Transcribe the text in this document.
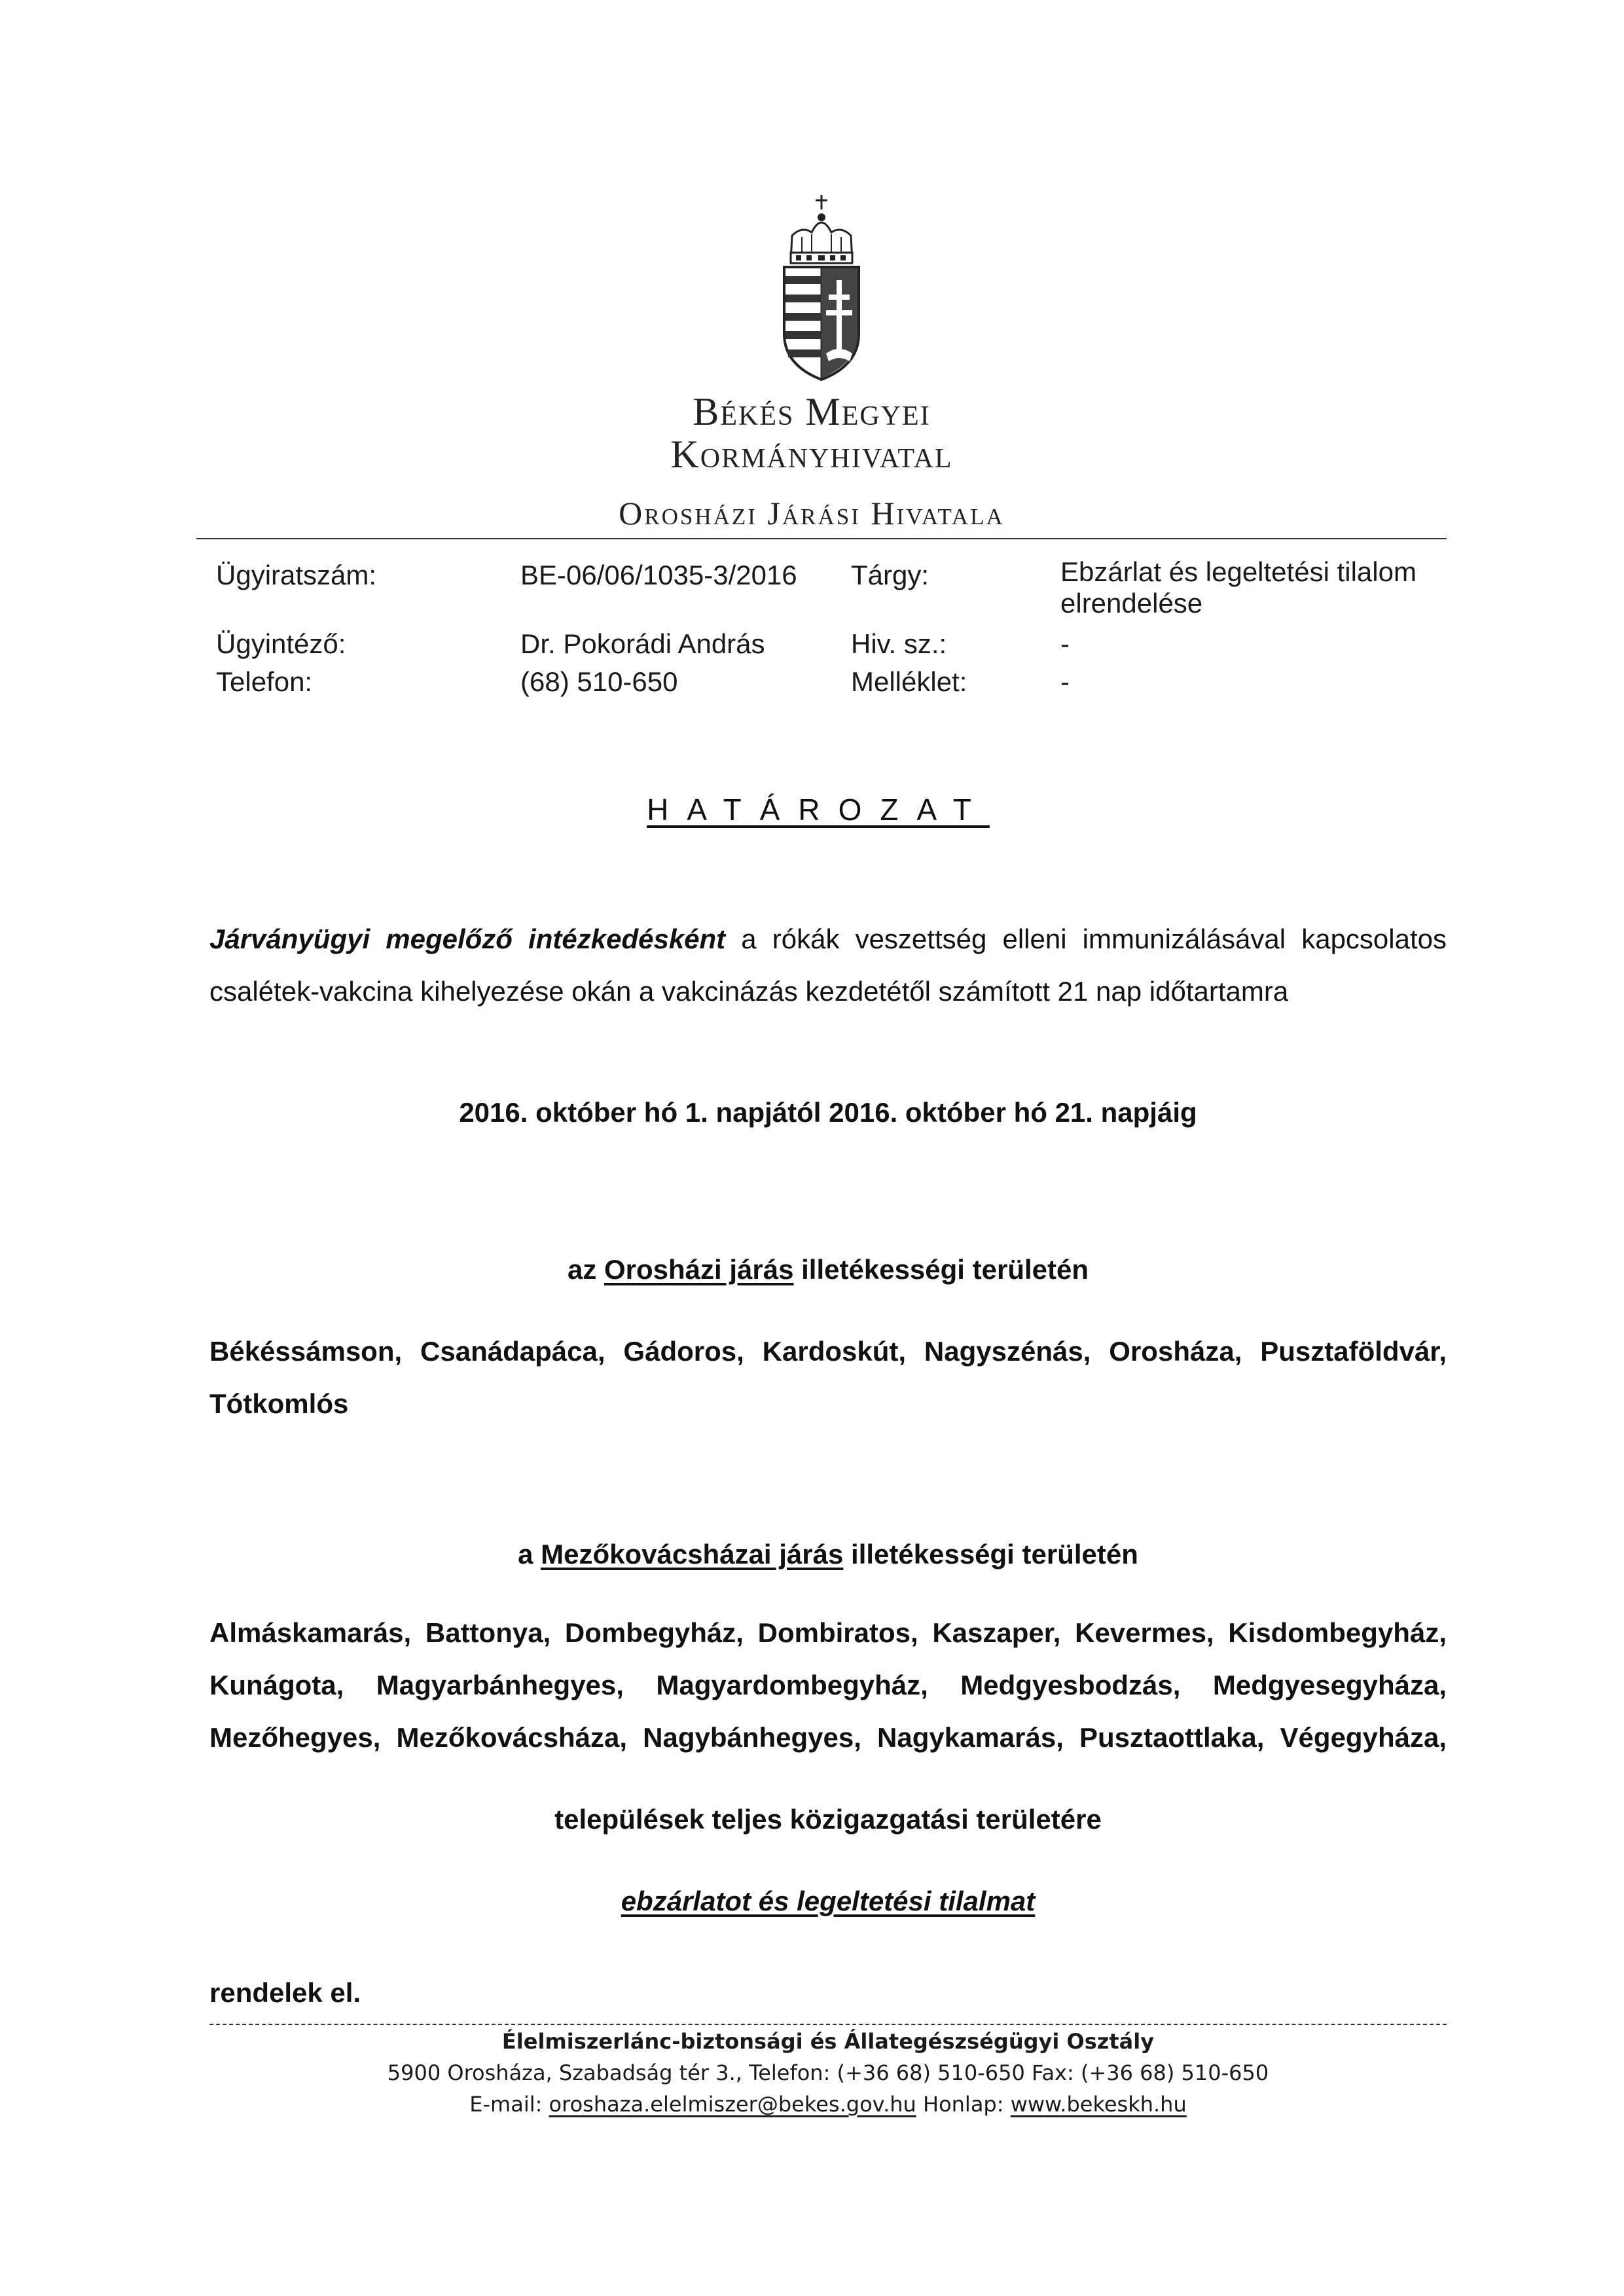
Békés Megyei
Kormányhivatal
Orosházi Járási Hivatala
Ügyiratszám:	BE-06/06/1035-3/2016 Tárgy:	Ebzárlat és legeltetési tilalom
elrendelése
Ügyintéző:	Dr. Pokorádi András	Hiv. sz.:	-
Telefon:	(68) 510-650	Melléklet:	-
HATÁROZAT
Járványügyi megelőző intézkedésként a rókák veszettség elleni immunizálásával kapcsolatos
csalétek-vakcina kihelyezése okán a vakcinázás kezdetétől számított 21 nap időtartamra
2016. október hó 1. napjától 2016. október hó 21. napjáig
az Orosházi járás illetékességi területén
Békéssámson, Csanádapáca, Gádoros, Kardoskút, Nagyszénás, Orosháza, Pusztaföldvár,
Tótkomlós
a Mezőkovácsházai járás illetékességi területén
Almáskamarás, Battonya, Dombegyház, Dombiratos, Kaszaper, Kevermes, Kisdombegyház,
Kunágota, Magyarbánhegyes, Magyardombegyház, Medgyesbodzás, Medgyesegyháza,
Mezőhegyes, Mezőkovácsháza, Nagybánhegyes, Nagykamarás, Pusztaottlaka, Végegyháza,
települések teljes közigazgatási területére
ebzárlatot és legeltetési tilalmat
rendelek el.
Élelmiszerlánc-biztonsági és Állategészségügyi Osztály
5900 Orosháza, Szabadság tér 3., Telefon: (+36 68) 510-650 Fax: (+36 68) 510-650
E-mail: oroshaza.elelmiszer@bekes.gov.hu Honlap: www.bekeskh.hu
